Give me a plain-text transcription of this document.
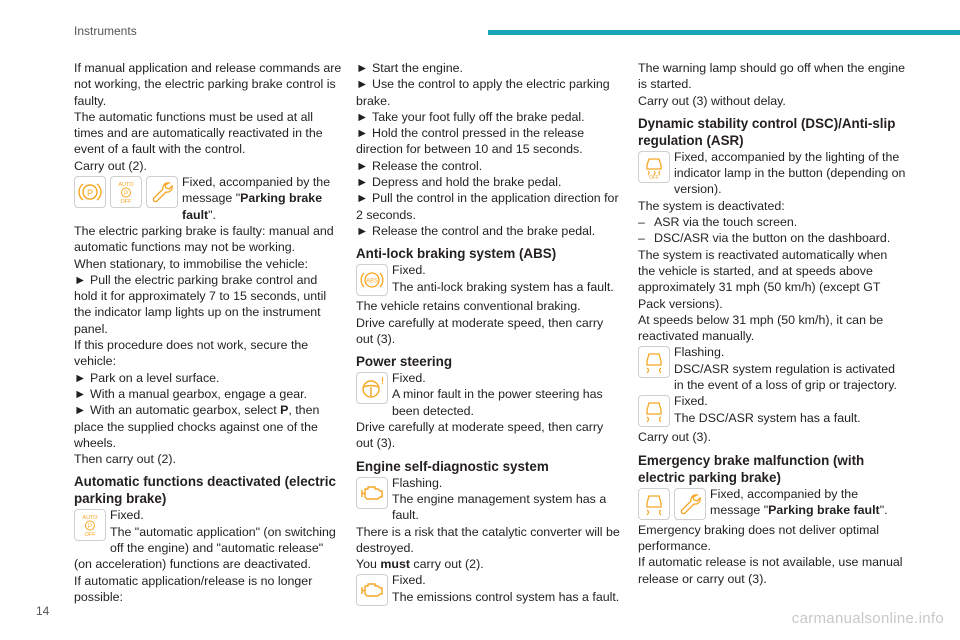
Instruments

If manual application and release commands are not working, the electric parking brake control is faulty.

The automatic functions must be used at all times and are automatically reactivated in the event of a fault with the control.

Carry out (2).

P
AUTO
P
OFF
Fixed, accompanied by the message "Parking brake fault".

The electric parking brake is faulty: manual and automatic functions may not be working.

When stationary, to immobilise the vehicle:

► Pull the electric parking brake control and hold it for approximately 7 to 15 seconds, until the indicator lamp lights up on the instrument panel.

If this procedure does not work, secure the vehicle:

► Park on a level surface.

► With a manual gearbox, engage a gear.

► With an automatic gearbox, select P, then place the supplied chocks against one of the wheels.

Then carry out (2).

Automatic functions deactivated (electric parking brake)
AUTO
P
OFF
Fixed.
The "automatic application" (on switching off the engine) and "automatic release" (on acceleration) functions are deactivated.

If automatic application/release is no longer possible:

► Start the engine.

► Use the control to apply the electric parking brake.

► Take your foot fully off the brake pedal.

► Hold the control pressed in the release direction for between 10 and 15 seconds.

► Release the control.

► Depress and hold the brake pedal.

► Pull the control in the application direction for 2 seconds.

► Release the control and the brake pedal.

Anti-lock braking system (ABS)
ABS
Fixed.
The anti-lock braking system has a fault.

The vehicle retains conventional braking.

Drive carefully at moderate speed, then carry out (3).

Power steering
! Fixed.
A minor fault in the power steering has been detected.

Drive carefully at moderate speed, then carry out (3).

Engine self-diagnostic system
Flashing.
The engine management system has a fault.

There is a risk that the catalytic converter will be destroyed.

You must carry out (2).

Fixed.
The emissions control system has a fault.

The warning lamp should go off when the engine is started.

Carry out (3) without delay.

Dynamic stability control (DSC)/Anti-slip regulation (ASR)
OFF
Fixed, accompanied by the lighting of the indicator lamp in the button (depending on version).

The system is deactivated:

– ASR via the touch screen.

– DSC/ASR via the button on the dashboard.

The system is reactivated automatically when the vehicle is started, and at speeds above approximately 31 mph (50 km/h) (except GT Pack versions).

At speeds below 31 mph (50 km/h), it can be reactivated manually.

Flashing.
DSC/ASR system regulation is activated in the event of a loss of grip or trajectory.
Fixed.
The DSC/ASR system has a fault.

Carry out (3).

Emergency brake malfunction (with electric parking brake)
Fixed, accompanied by the message "Parking brake fault".

Emergency braking does not deliver optimal performance.

If automatic release is not available, use manual release or carry out (3).

14	carmanualsonline.info
